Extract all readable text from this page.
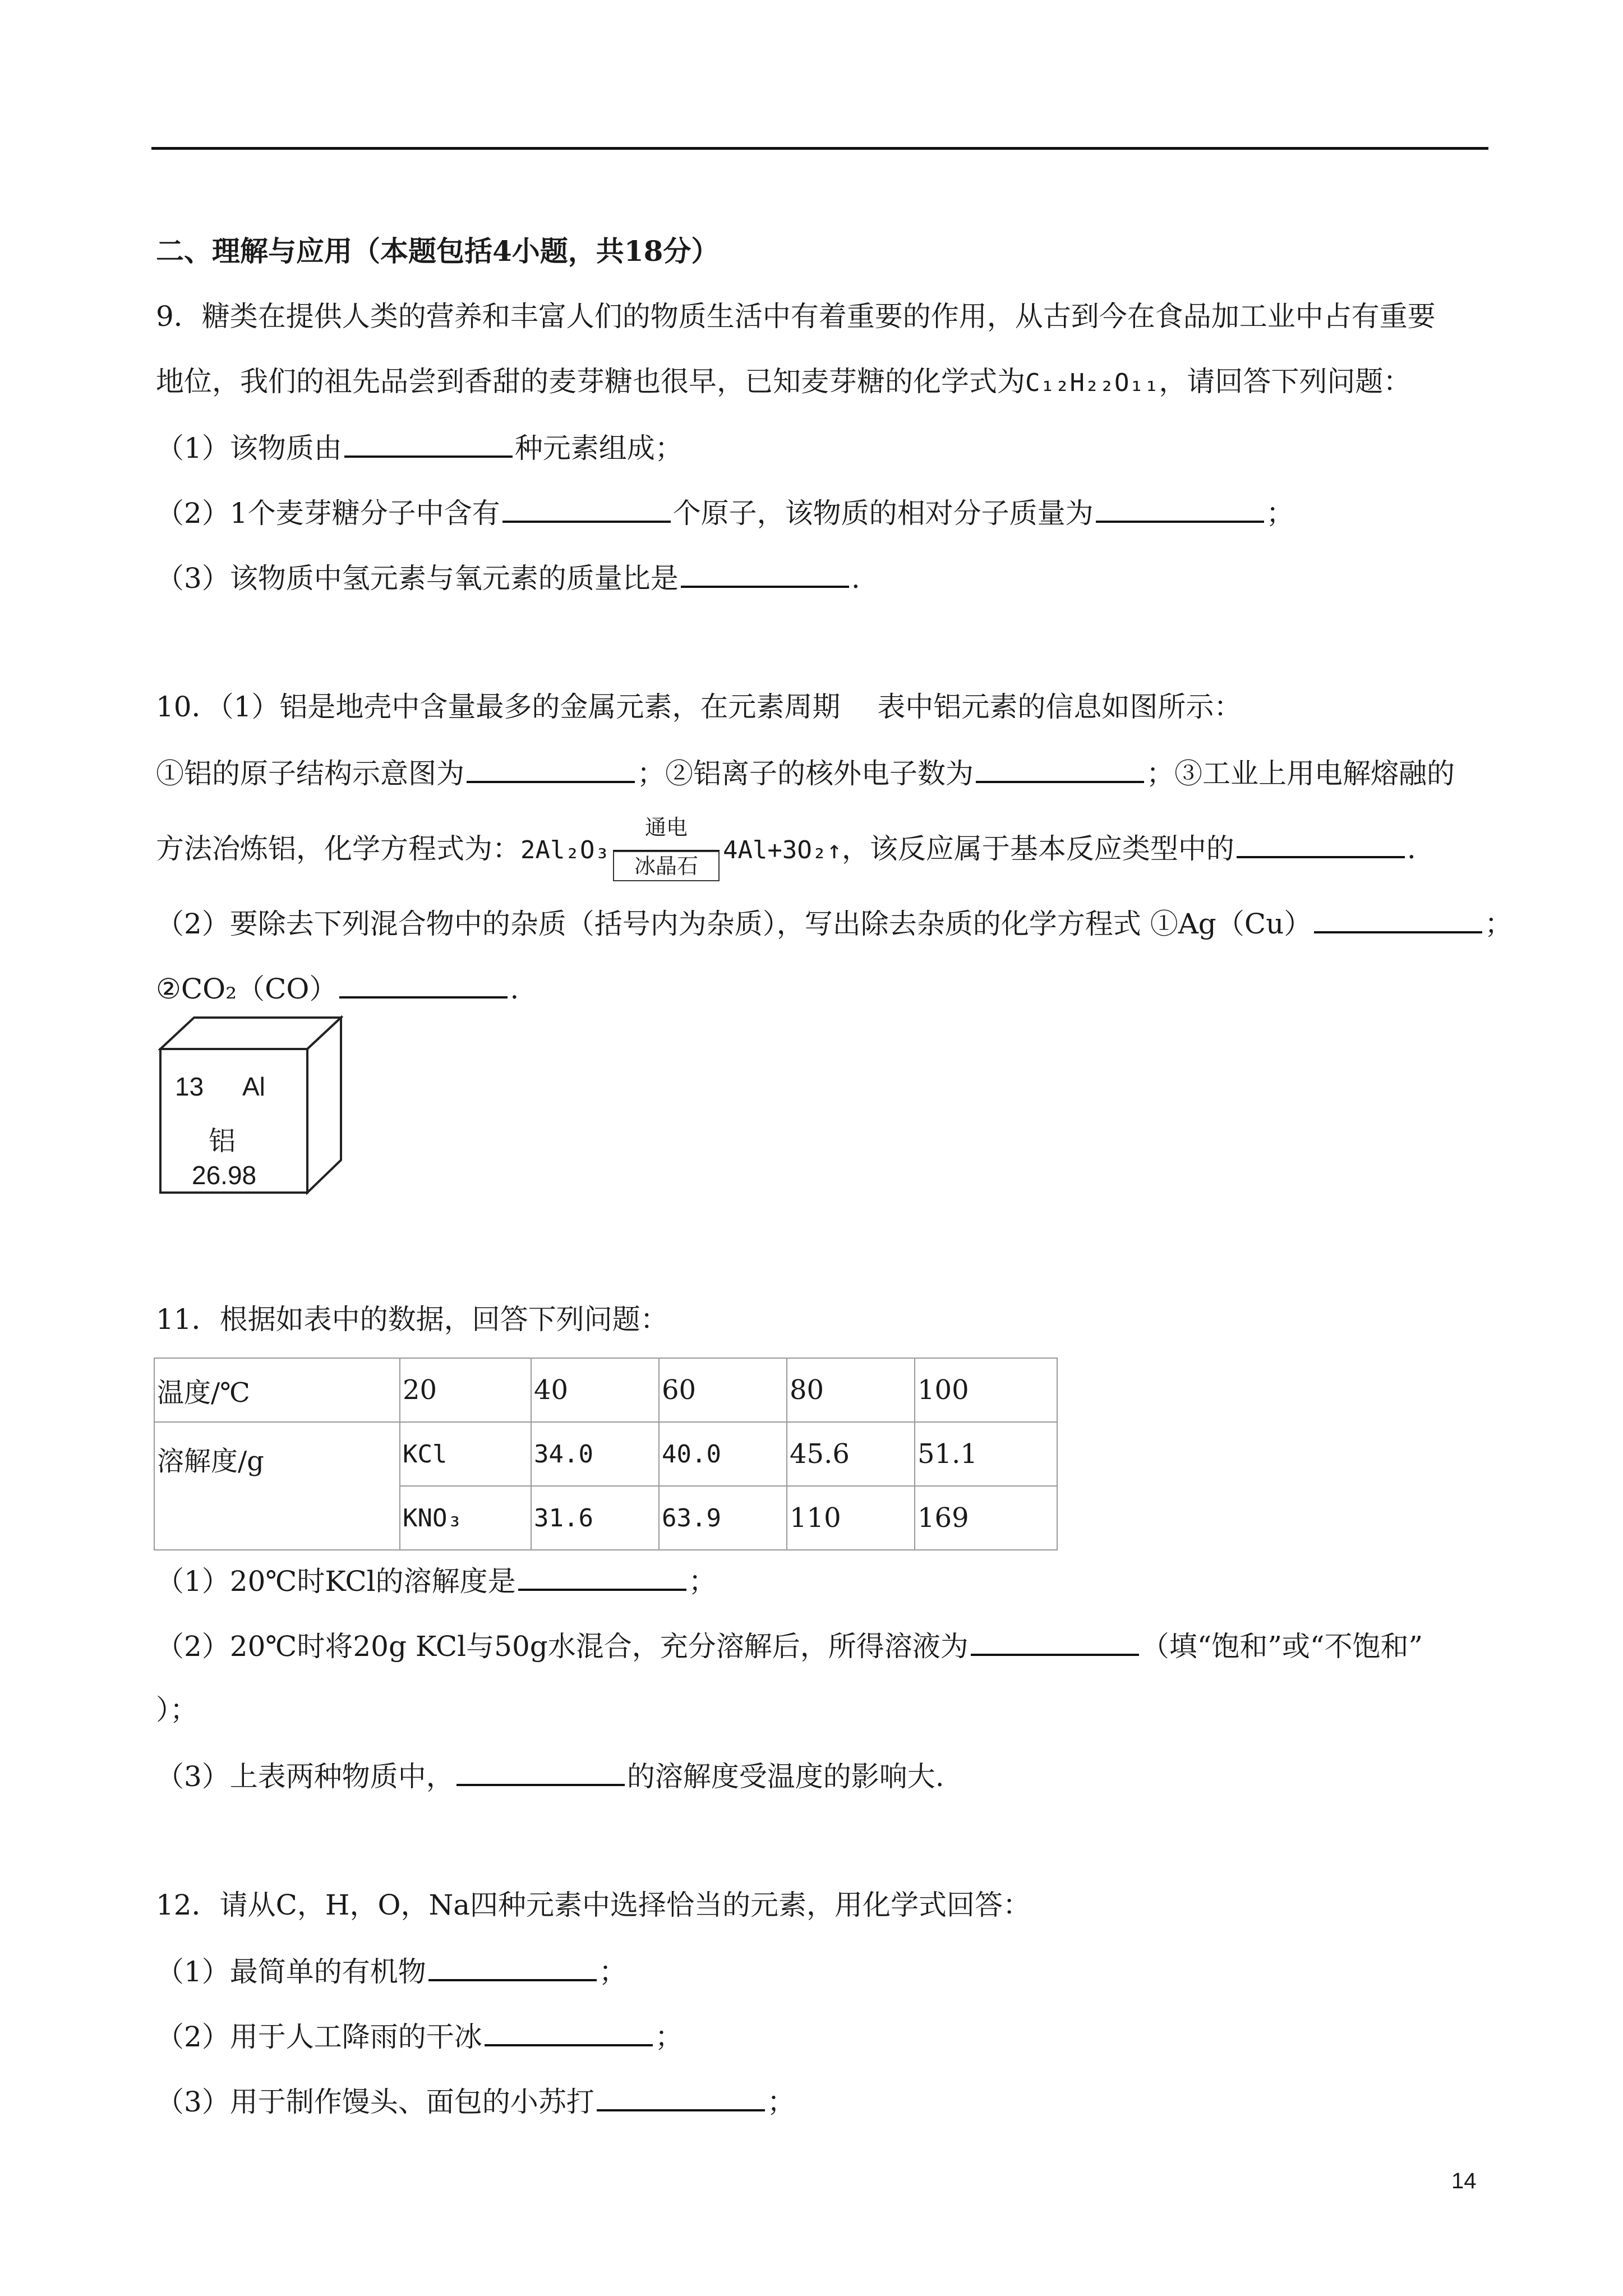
二、理解与应用（本题包括4小题，共18分）
9．糖类在提供人类的营养和丰富人们的物质生活中有着重要的作用，从古到今在食品加工业中占有重要
地位，我们的祖先品尝到香甜的麦芽糖也很早，已知麦芽糖的化学式为C₁₂H₂₂O₁₁，请回答下列问题：
（1）该物质由	种元素组成；
（2）1个麦芽糖分子中含有	个原子，该物质的相对分子质量为	；
（3）该物质中氢元素与氧元素的质量比是	.
10．（1）铝是地壳中含量最多的金属元素，在元素周期　 表中铝元素的信息如图所示：
①铝的原子结构示意图为	；②铝离子的核外电子数为	；③工业上用电解熔融的
方法冶炼铝，化学方程式为：2Al₂O₃
通电
冰晶石
4Al+3O₂↑，该反应属于基本反应类型中的	.
（2）要除去下列混合物中的杂质（括号内为杂质），写出除去杂质的化学方程式 ①Ag（Cu）	；
②CO₂（CO）	.
13 Al
铝
26.98
11．根据如表中的数据，回答下列问题：
温度/℃	20	40	60	80	100
溶解度/g	KCl	34.0	40.0	45.6	51.1
	KNO₃	31.6	63.9	110	169
（1）20℃时KCl的溶解度是	；
（2）20℃时将20g KCl与50g水混合，充分溶解后，所得溶液为	（填“饱和”或“不饱和”
）；
（3）上表两种物质中，	的溶解度受温度的影响大.
12．请从C，H，O，Na四种元素中选择恰当的元素，用化学式回答：
（1）最简单的有机物	；
（2）用于人工降雨的干冰	；
（3）用于制作馒头、面包的小苏打	；
14
